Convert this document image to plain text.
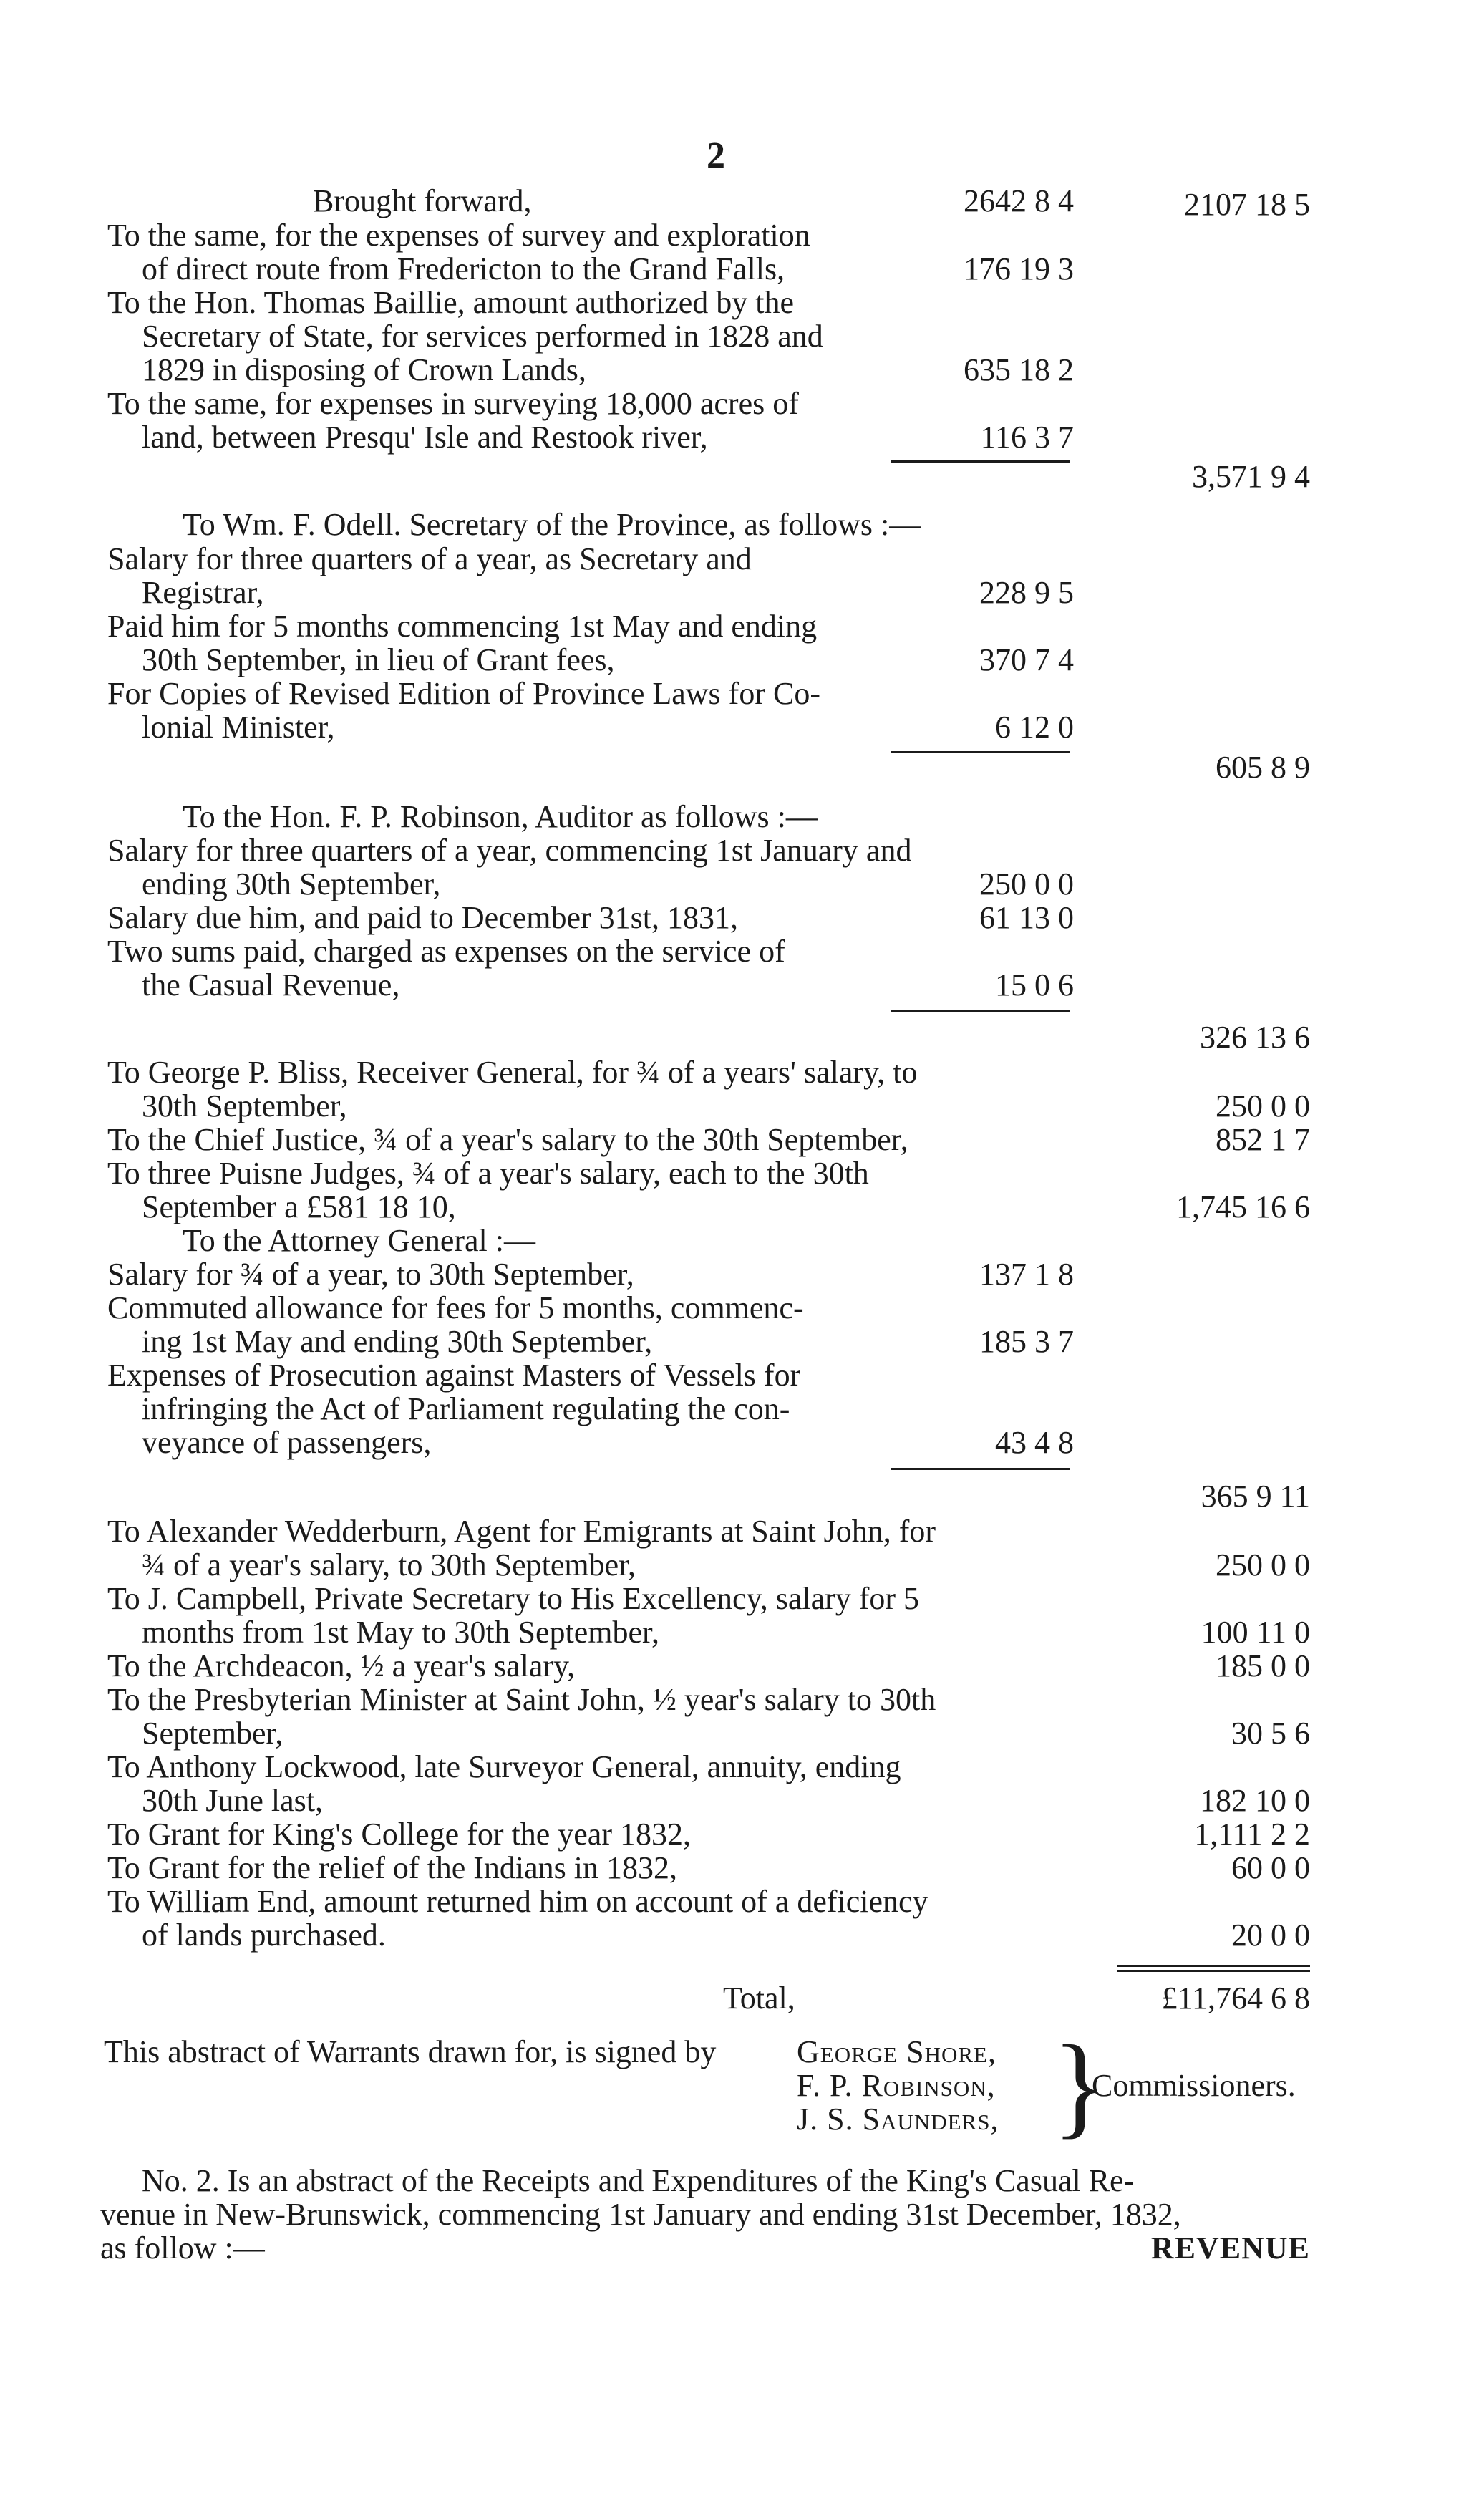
2
Brought forward,	2642 8 4	2107 18 5
To the same, for the expenses of survey and exploration
of direct route from Fredericton to the Grand Falls,	176 19 3
To the Hon. Thomas Baillie, amount authorized by the
Secretary of State, for services performed in 1828 and
1829 in disposing of Crown Lands,	635 18 2
To the same, for expenses in surveying 18,000 acres of
land, between Presqu' Isle and Restook river,	116 3 7
3,571 9 4
To Wm. F. Odell. Secretary of the Province, as follows :—
Salary for three quarters of a year, as Secretary and
Registrar,	228 9 5
Paid him for 5 months commencing 1st May and ending
30th September, in lieu of Grant fees,	370 7 4
For Copies of Revised Edition of Province Laws for Co-
lonial Minister,	6 12 0
605 8 9
To the Hon. F. P. Robinson, Auditor as follows :—
Salary for three quarters of a year, commencing 1st January and
ending 30th September,	250 0 0
Salary due him, and paid to December 31st, 1831,	61 13 0
Two sums paid, charged as expenses on the service of
the Casual Revenue,	15 0 6
326 13 6
To George P. Bliss, Receiver General, for ¾ of a years' salary, to
30th September,	250 0 0
To the Chief Justice, ¾ of a year's salary to the 30th September,	852 1 7
To three Puisne Judges, ¾ of a year's salary, each to the 30th
September a £581 18 10,	1,745 16 6
To the Attorney General :—
Salary for ¾ of a year, to 30th September,	137 1 8
Commuted allowance for fees for 5 months, commenc-
ing 1st May and ending 30th September,	185 3 7
Expenses of Prosecution against Masters of Vessels for
infringing the Act of Parliament regulating the con-
veyance of passengers,	43 4 8
365 9 11
To Alexander Wedderburn, Agent for Emigrants at Saint John, for
¾ of a year's salary, to 30th September,	250 0 0
To J. Campbell, Private Secretary to His Excellency, salary for 5
months from 1st May to 30th September,	100 11 0
To the Archdeacon, ½ a year's salary,	185 0 0
To the Presbyterian Minister at Saint John, ½ year's salary to 30th
September,	30 5 6
To Anthony Lockwood, late Surveyor General, annuity, ending
30th June last,	182 10 0
To Grant for King's College for the year 1832,	1,111 2 2
To Grant for the relief of the Indians in 1832,	60 0 0
To William End, amount returned him on account of a deficiency
of lands purchased.	20 0 0
Total,	£11,764 6 8
This abstract of Warrants drawn for, is signed by	George Shore,
F. P. Robinson,
J. S. Saunders, }
Commissioners.
No. 2. Is an abstract of the Receipts and Expenditures of the King's Casual Re-
venue in New-Brunswick, commencing 1st January and ending 31st December, 1832,
as follow :—	REVENUE
